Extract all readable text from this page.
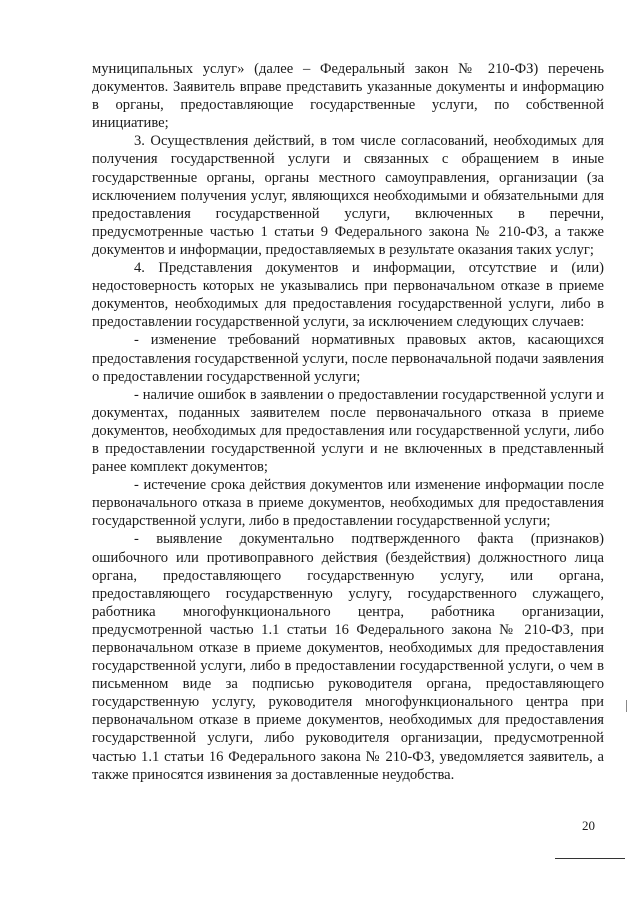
муниципальных услуг» (далее – Федеральный закон № 210-ФЗ) перечень документов. Заявитель вправе представить указанные документы и информацию в органы, предоставляющие государственные услуги, по собственной инициативе;

3. Осуществления действий, в том числе согласований, необходимых для получения государственной услуги и связанных с обращением в иные государственные органы, органы местного самоуправления, организации (за исключением получения услуг, являющихся необходимыми и обязательными для предоставления государственной услуги, включенных в перечни, предусмотренные частью 1 статьи 9 Федерального закона № 210-ФЗ, а также документов и информации, предоставляемых в результате оказания таких услуг;

4. Представления документов и информации, отсутствие и (или) недостоверность которых не указывались при первоначальном отказе в приеме документов, необходимых для предоставления государственной услуги, либо в предоставлении государственной услуги, за исключением следующих случаев:

- изменение требований нормативных правовых актов, касающихся предоставления государственной услуги, после первоначальной подачи заявления о предоставлении государственной услуги;

- наличие ошибок в заявлении о предоставлении государственной услуги и документах, поданных заявителем после первоначального отказа в приеме документов, необходимых для предоставления или государственной услуги, либо в предоставлении государственной услуги и не включенных в представленный ранее комплект документов;

- истечение срока действия документов или изменение информации после первоначального отказа в приеме документов, необходимых для предоставления государственной услуги, либо в предоставлении государственной услуги;

- выявление документально подтвержденного факта (признаков) ошибочного или противоправного действия (бездействия) должностного лица органа, предоставляющего государственную услугу, или органа, предоставляющего государственную услугу, государственного служащего, работника многофункционального центра, работника организации, предусмотренной частью 1.1 статьи 16 Федерального закона № 210-ФЗ, при первоначальном отказе в приеме документов, необходимых для предоставления государственной услуги, либо в предоставлении государственной услуги, о чем в письменном виде за подписью руководителя органа, предоставляющего государственную услугу, руководителя многофункционального центра при первоначальном отказе в приеме документов, необходимых для предоставления государственной услуги, либо руководителя организации, предусмотренной частью 1.1 статьи 16 Федерального закона № 210-ФЗ, уведомляется заявитель, а также приносятся извинения за доставленные неудобства.

20
